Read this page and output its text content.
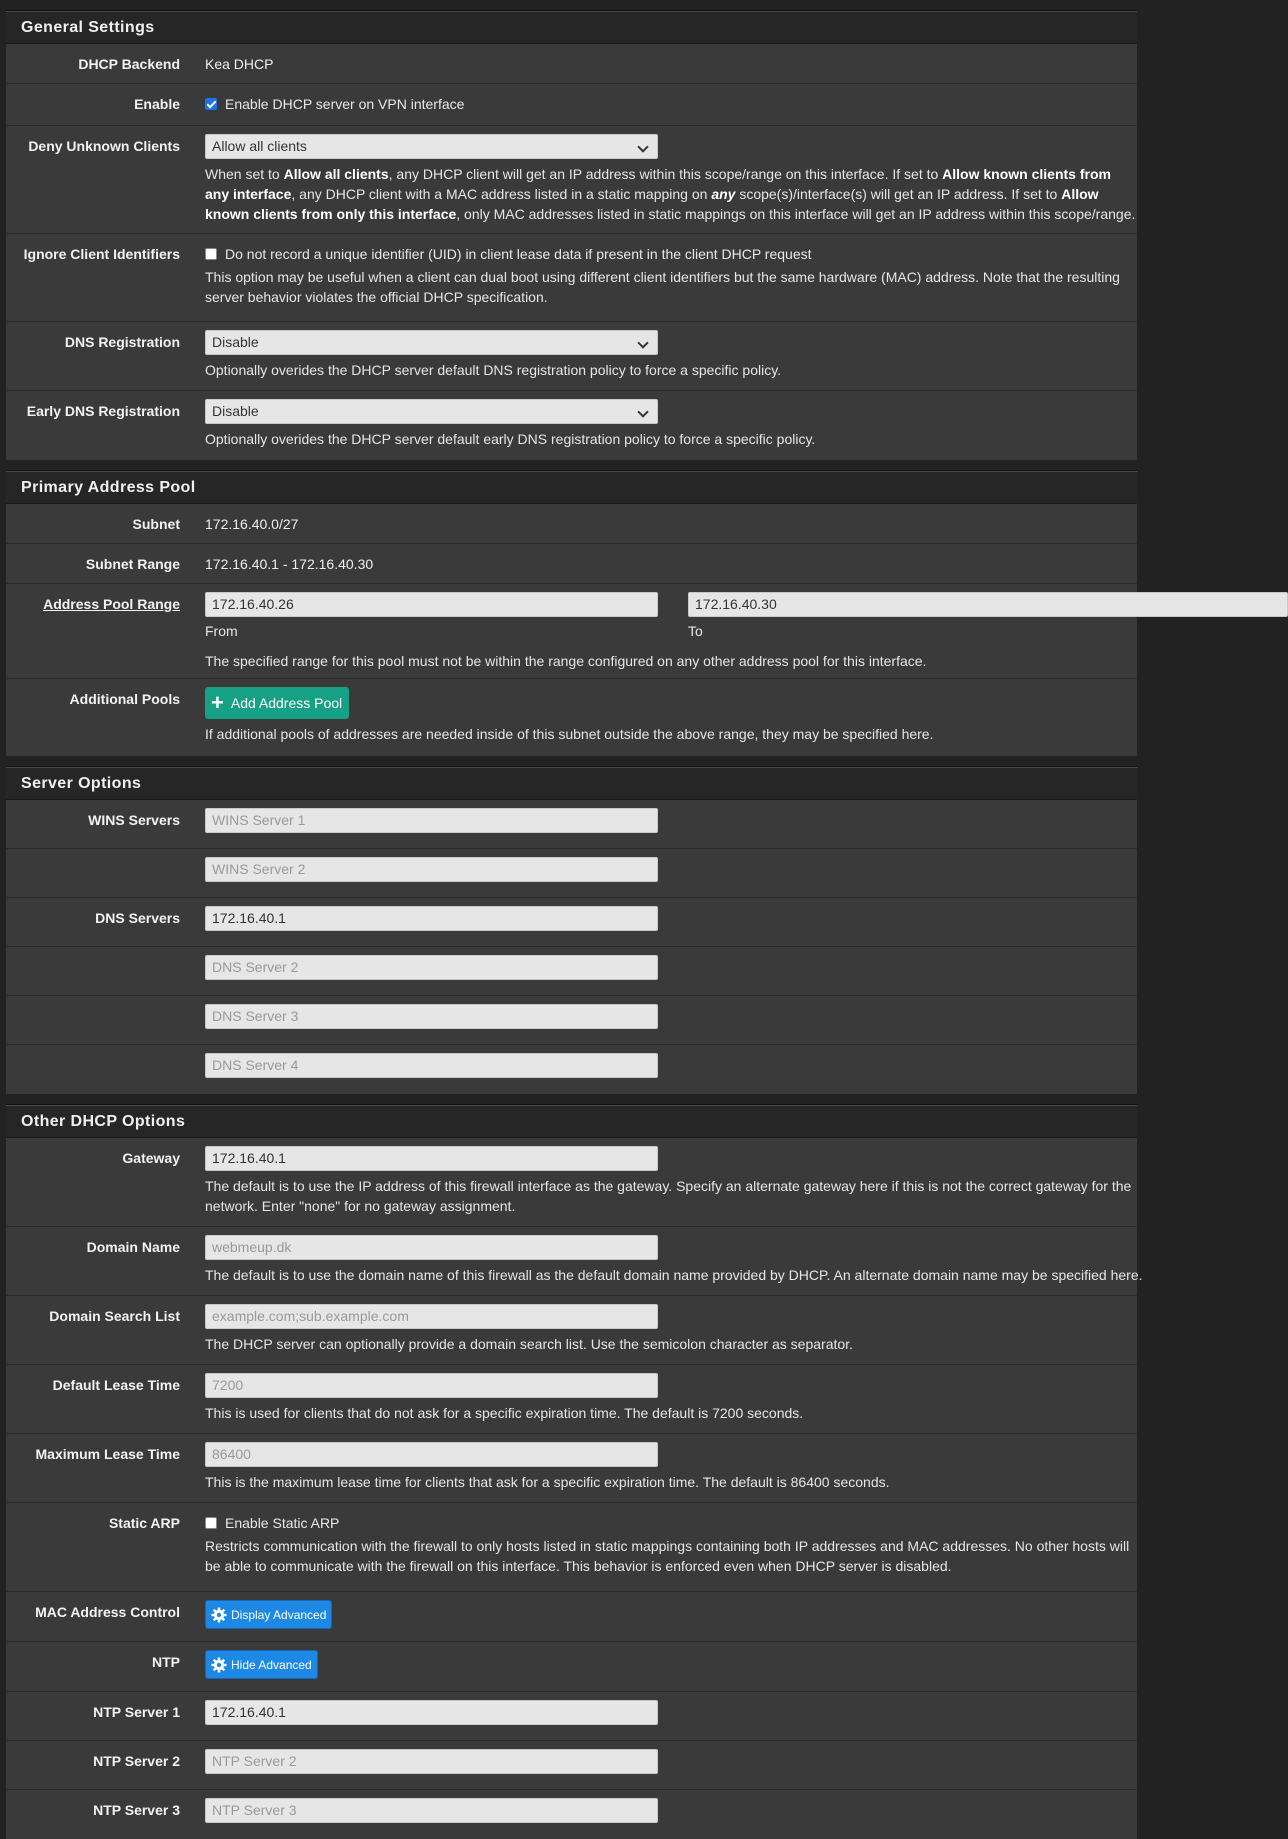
General Settings
DHCP Backend Kea DHCP
Enable	Enable DHCP server on VPN interface
Deny Unknown Clients	Allow all clients
When set to Allow all clients, any DHCP client will get an IP address within this scope/range on this interface. If set to Allow known clients from any interface, any DHCP client with a MAC address listed in a static mapping on any scope(s)/interface(s) will get an IP address. If set to Allow known clients from only this interface, only MAC addresses listed in static mappings on this interface will get an IP address within this scope/range.
Ignore Client Identifiers	Do not record a unique identifier (UID) in client lease data if present in the client DHCP request
This option may be useful when a client can dual boot using different client identifiers but the same hardware (MAC) address. Note that the resulting server behavior violates the official DHCP specification.
DNS Registration	Disable
Optionally overides the DHCP server default DNS registration policy to force a specific policy.
Early DNS Registration	Disable
Optionally overides the DHCP server default early DNS registration policy to force a specific policy.
Primary Address Pool
Subnet 172.16.40.0/27
Subnet Range 172.16.40.1 - 172.16.40.30
Address Pool Range	172.16.40.26
From
172.16.40.30
To
The specified range for this pool must not be within the range configured on any other address pool for this interface.
Additional Pools + Add Address Pool
If additional pools of addresses are needed inside of this subnet outside the above range, they may be specified here.
Server Options
WINS Servers	WINS Server 1
WINS Server 2
DNS Servers	172.16.40.1
DNS Server 2
DNS Server 3
DNS Server 4
Other DHCP Options
Gateway	172.16.40.1
The default is to use the IP address of this firewall interface as the gateway. Specify an alternate gateway here if this is not the correct gateway for the network. Enter "none" for no gateway assignment.
Domain Name	webmeup.dk
The default is to use the domain name of this firewall as the default domain name provided by DHCP. An alternate domain name may be specified here.
Domain Search List	example.com;sub.example.com
The DHCP server can optionally provide a domain search list. Use the semicolon character as separator.
Default Lease Time	7200
This is used for clients that do not ask for a specific expiration time. The default is 7200 seconds.
Maximum Lease Time	86400
This is the maximum lease time for clients that ask for a specific expiration time. The default is 86400 seconds.
Static ARP	Enable Static ARP
Restricts communication with the firewall to only hosts listed in static mappings containing both IP addresses and MAC addresses. No other hosts will be able to communicate with the firewall on this interface. This behavior is enforced even when DHCP server is disabled.
MAC Address Control	Display Advanced
NTP	Hide Advanced
NTP Server 1	172.16.40.1
NTP Server 2	NTP Server 2
NTP Server 3	NTP Server 3
